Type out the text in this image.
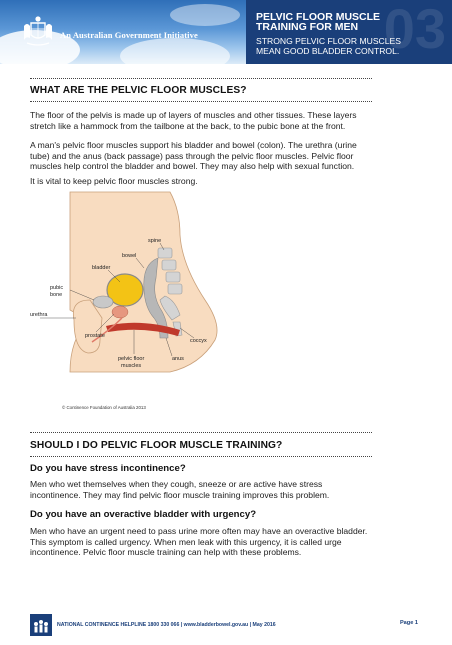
An Australian Government Initiative	03
PELVIC FLOOR MUSCLE
TRAINING FOR MEN
STRONG PELVIC FLOOR MUSCLES
MEAN GOOD BLADDER CONTROL.
WHAT ARE THE PELVIC FLOOR MUSCLES?
The floor of the pelvis is made up of layers of muscles and other tissues. These layers
stretch like a hammock from the tailbone at the back, to the pubic bone at the front.
A man's pelvic floor muscles support his bladder and bowel (colon). The urethra (urine
tube) and the anus (back passage) pass through the pelvic floor muscles. Pelvic floor
muscles help control the bladder and bowel. They may also help with sexual function.
It is vital to keep pelvic floor muscles strong.
spine
bowel
bladder
pubic
bone
urethra
prostate
coccyx
pelvic floor
muscles
anus
© Continence Foundation of Australia 2013
SHOULD I DO PELVIC FLOOR MUSCLE TRAINING?
Do you have stress incontinence?
Men who wet themselves when they cough, sneeze or are active have stress
incontinence. They may find pelvic floor muscle training improves this problem.
Do you have an overactive bladder with urgency?
Men who have an urgent need to pass urine more often may have an overactive bladder.
This symptom is called urgency. When men leak with this urgency, it is called urge
incontinence. Pelvic floor muscle training can help with these problems.
NATIONAL CONTINENCE HELPLINE 1800 330 066 | www.bladderbowel.gov.au | May 2016	Page 1
